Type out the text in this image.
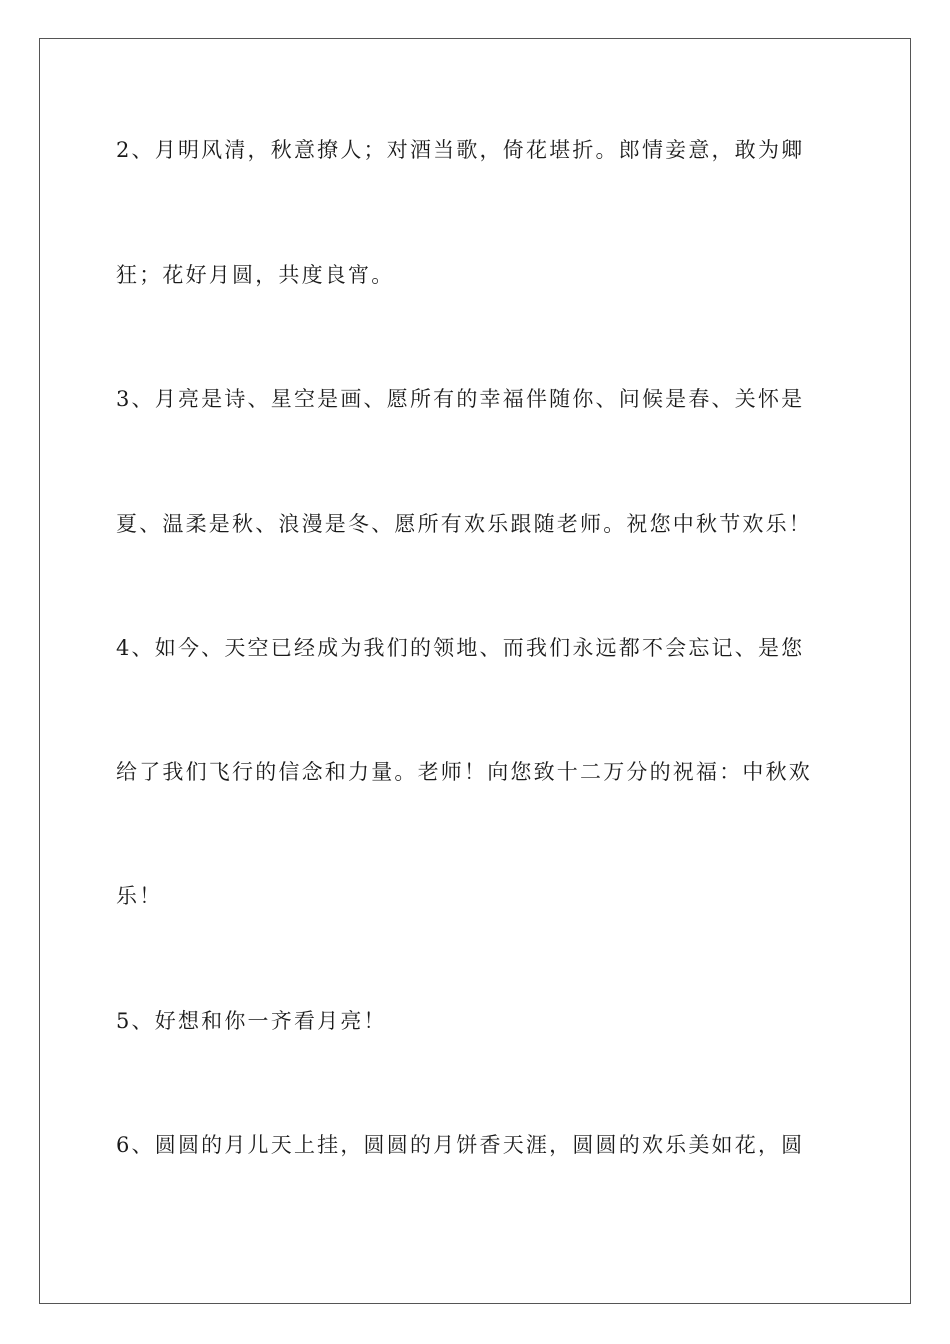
2、月明风清，秋意撩人；对酒当歌，倚花堪折。郎情妾意，敢为卿
狂；花好月圆，共度良宵。
3、月亮是诗、星空是画、愿所有的幸福伴随你、问候是春、关怀是
夏、温柔是秋、浪漫是冬、愿所有欢乐跟随老师。祝您中秋节欢乐！
4、如今、天空已经成为我们的领地、而我们永远都不会忘记、是您
给了我们飞行的信念和力量。老师！向您致十二万分的祝福：中秋欢
乐！
5、好想和你一齐看月亮！
6、圆圆的月儿天上挂，圆圆的月饼香天涯，圆圆的欢乐美如花，圆
